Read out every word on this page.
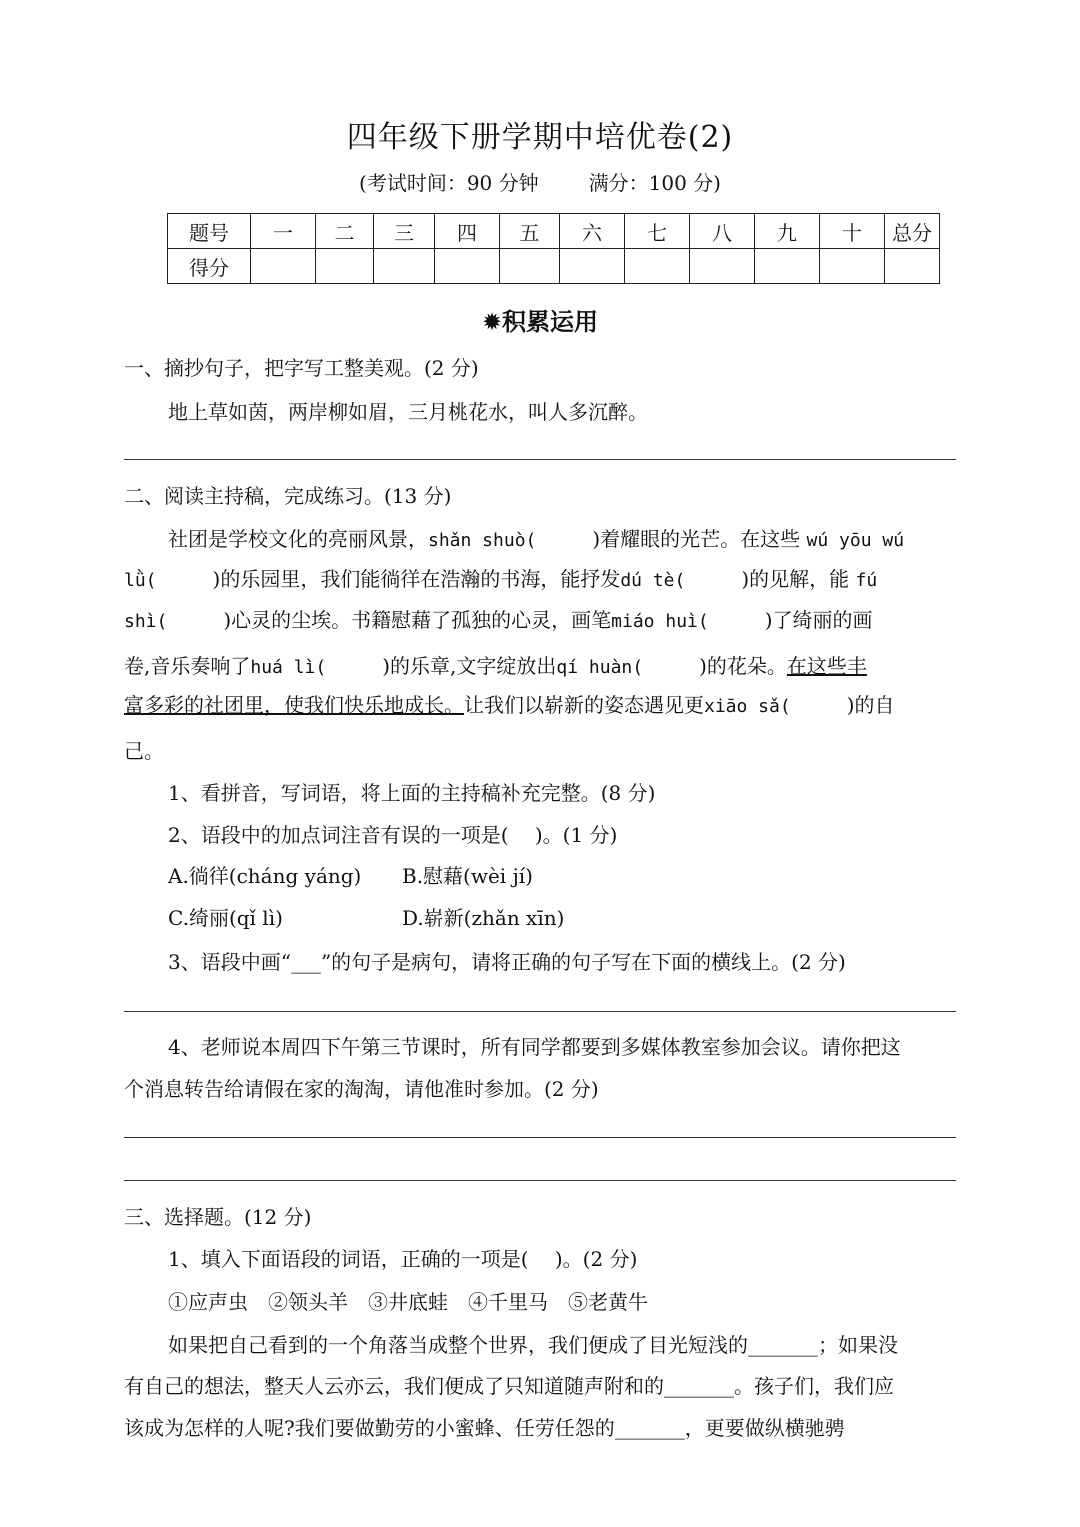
四年级下册学期中培优卷(2)
(考试时间：90 分钟	满分：100 分)
题号	一	二	三	四	五	六	七	八	九	十	总分
得分											
✹积累运用
一、摘抄句子，把字写工整美观。(2 分)
地上草如茵，两岸柳如眉，三月桃花水，叫人多沉醉。
二、阅读主持稿，完成练习。(13 分)
社团是学校文化的亮丽风景，shǎn shuò(	)着耀眼的光芒。在这些 wú yōu wú
lǜ(	)的乐园里，我们能徜徉在浩瀚的书海，能抒发dú tè(	)的见解，能 fú
shì(	)心灵的尘埃。书籍慰藉了孤独的心灵，画笔miáo huì(	)了绮丽的画
卷,音乐奏响了huá lì(	)的乐章,文字绽放出qí huàn(	)的花朵。在这些丰
富多彩的社团里，使我们快乐地成长。让我们以崭新的姿态遇见更xiāo sǎ(	)的自
己。
1、看拼音，写词语，将上面的主持稿补充完整。(8 分)
2、语段中的加点词注音有误的一项是(　 )。(1 分)
A.徜徉(cháng yáng) B.慰藉(wèi jí)
C.绮丽(qǐ lì)	D.崭新(zhǎn xīn)
3、语段中画“___”的句子是病句，请将正确的句子写在下面的横线上。(2 分)
4、老师说本周四下午第三节课时，所有同学都要到多媒体教室参加会议。请你把这
个消息转告给请假在家的淘淘，请他准时参加。(2 分)
三、选择题。(12 分)
1、填入下面语段的词语，正确的一项是(　 )。(2 分)
①应声虫　②领头羊　③井底蛙　④千里马　⑤老黄牛
如果把自己看到的一个角落当成整个世界，我们便成了目光短浅的_______；如果没
有自己的想法，整天人云亦云，我们便成了只知道随声附和的_______。孩子们，我们应
该成为怎样的人呢?我们要做勤劳的小蜜蜂、任劳任怨的_______，更要做纵横驰骋
